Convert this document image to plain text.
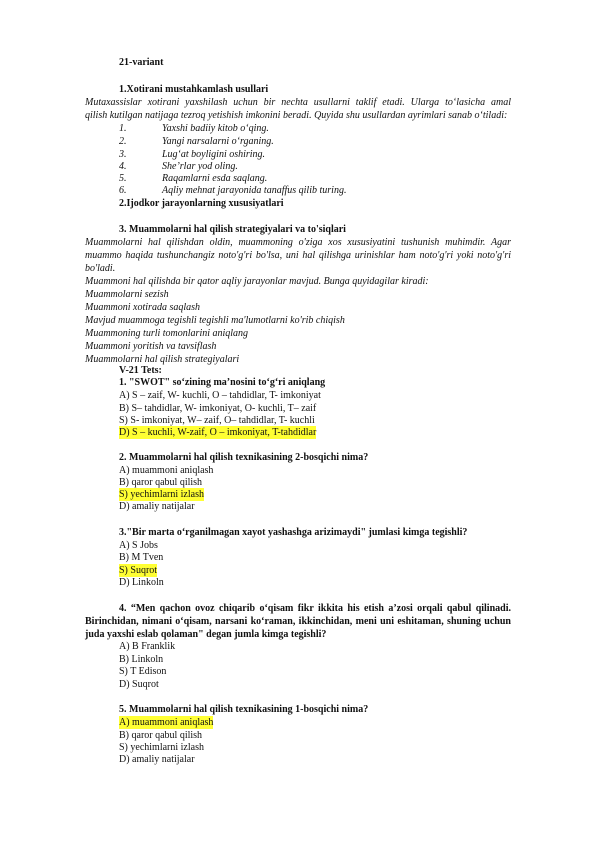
21-variant
1.Xotirani mustahkamlash usullari
Mutaxassislar xotirani yaxshilash uchun bir nechta usullarni taklif etadi. Ularga to‘lasicha amal
qilish kutilgan natijaga tezroq yetishish imkonini beradi. Quyida shu usullardan ayrimlari sanab o‘tiladi:
1.	Yaxshi badiiy kitob o‘qing.
2.	Yangi narsalarni o‘rganing.
3.	Lug‘at boyligini oshiring.
4.	She’rlar yod oling.
5.	Raqamlarni esda saqlang.
6.	Aqliy mehnat jarayonida tanaffus qilib turing.
2.Ijodkor jarayonlarning xususiyatlari
3. Muammolarni hal qilish strategiyalari va to'siqlari
Muammolarni hal qilishdan oldin, muammoning o'ziga xos xususiyatini tushunish muhimdir. Agar
muammo haqida tushunchangiz noto'g'ri bo'lsa, uni hal qilishga urinishlar ham noto'g'ri yoki noto'g'ri
bo'ladi.
Muammoni hal qilishda bir qator aqliy jarayonlar mavjud. Bunga quyidagilar kiradi:
Muammolarni sezish
Muammoni xotirada saqlash
Mavjud muammoga tegishli tegishli ma'lumotlarni ko'rib chiqish
Muammoning turli tomonlarini aniqlang
Muammoni yoritish va tavsiflash
Muammolarni hal qilish strategiyalari
V-21 Tets:
1. "SWOT" so‘zining ma’nosini to‘g‘ri aniqlang
A) S – zaif, W- kuchli, O – tahdidlar, T- imkoniyat
B) S– tahdidlar, W- imkoniyat, O- kuchli, T– zaif
S) S- imkoniyat, W– zaif, O– tahdidlar, T- kuchli
D) S – kuchli, W-zaif, O – imkoniyat, T-tahdidlar
2. Muammolarni hal qilish texnikasining 2-bosqichi nima?
A) muammoni aniqlash
B) qaror qabul qilish
S) yechimlarni izlash
D) amaliy natijalar
3."Bir marta o‘rganilmagan xayot yashashga arizimaydi" jumlasi kimga tegishli?
A) S Jobs
B) M Tven
S) Suqrot
D) Linkoln
4. “Men qachon ovoz chiqarib o‘qisam fikr ikkita his etish a’zosi orqali qabul qilinadi.
Birinchidan, nimani o‘qisam, narsani ko‘raman, ikkinchidan, meni uni eshitaman, shuning uchun
juda yaxshi eslab qolaman" degan jumla kimga tegishli?
A) B Franklik
B) Linkoln
S) T Edison
D) Suqrot
5. Muammolarni hal qilish texnikasining 1-bosqichi nima?
A) muammoni aniqlash
B) qaror qabul qilish
S) yechimlarni izlash
D) amaliy natijalar
